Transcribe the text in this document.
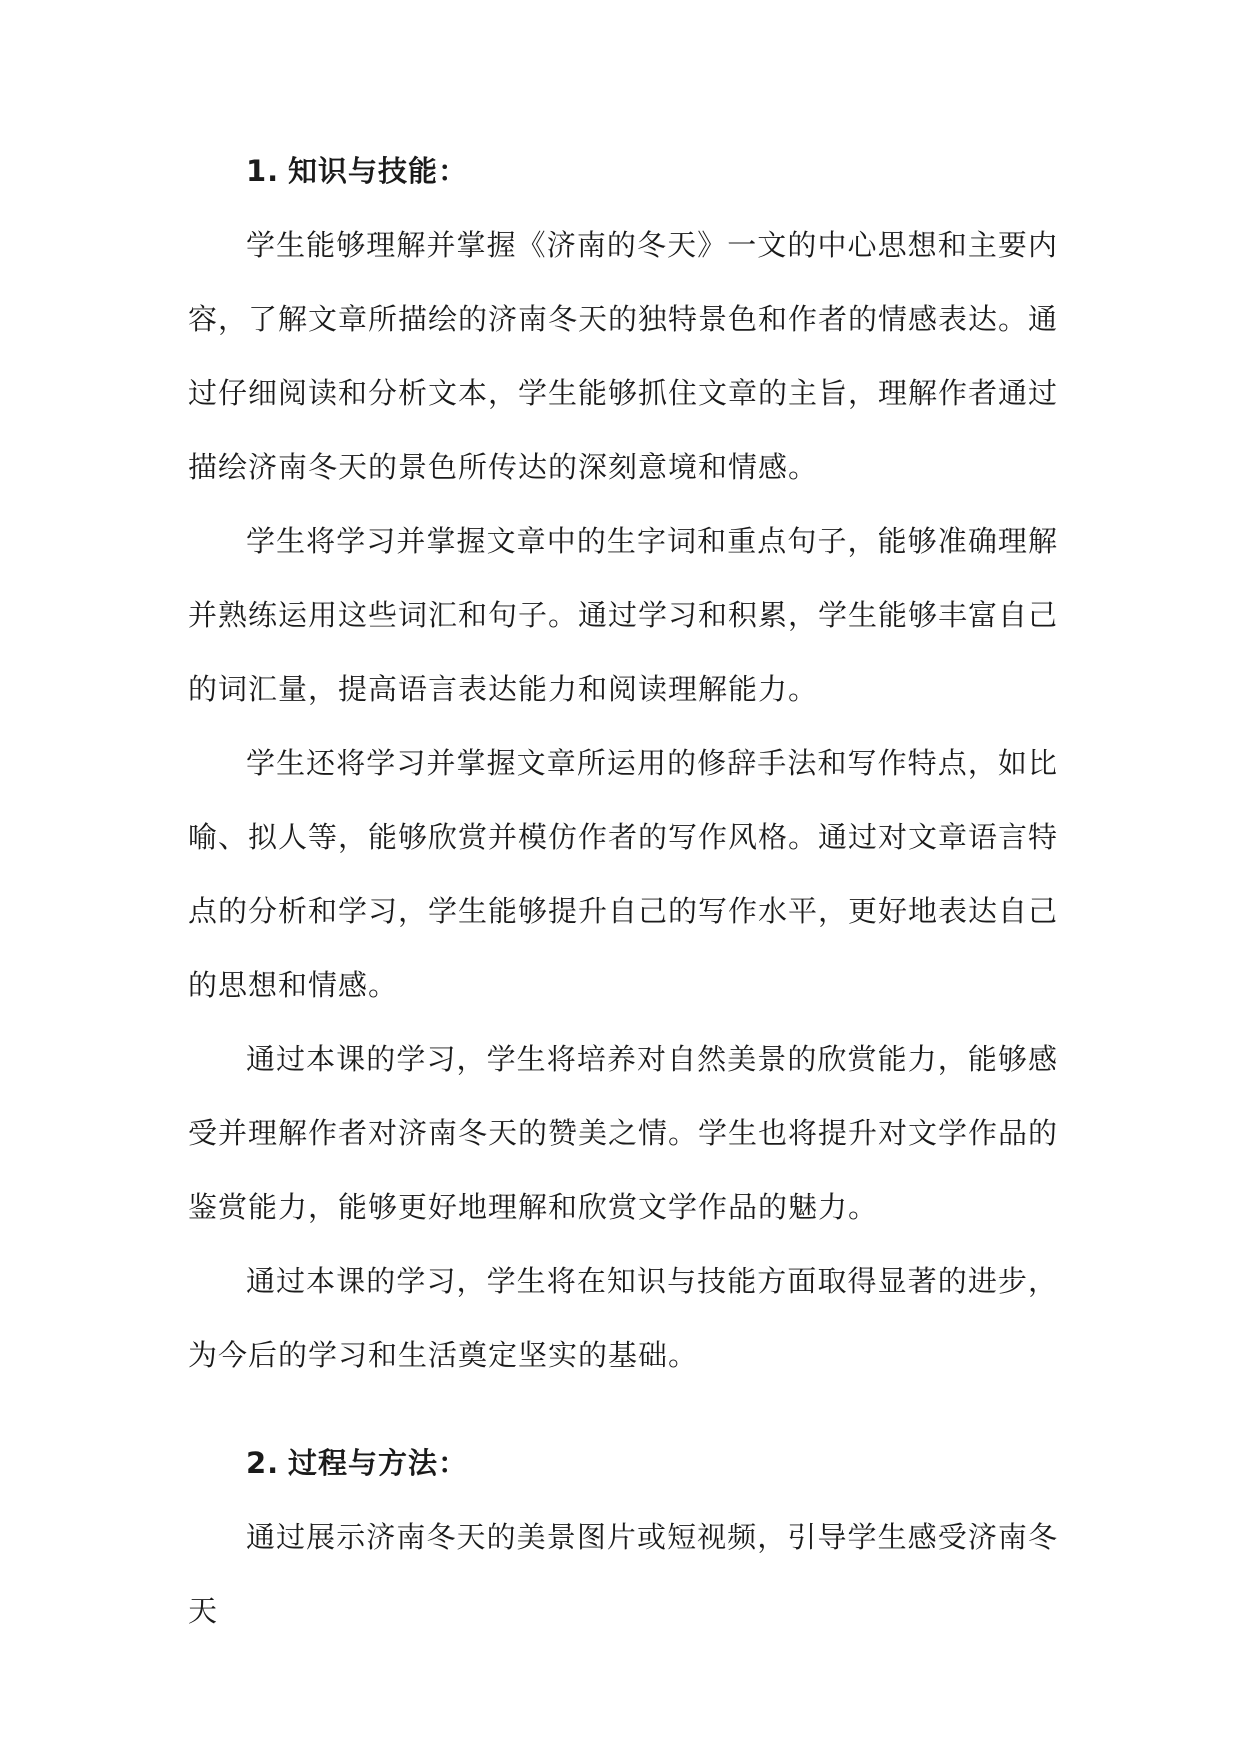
1. 知识与技能：

学生能够理解并掌握《济南的冬天》一文的中心思想和主要内容，了解文章所描绘的济南冬天的独特景色和作者的情感表达。通过仔细阅读和分析文本，学生能够抓住文章的主旨，理解作者通过描绘济南冬天的景色所传达的深刻意境和情感。

学生将学习并掌握文章中的生字词和重点句子，能够准确理解并熟练运用这些词汇和句子。通过学习和积累，学生能够丰富自己的词汇量，提高语言表达能力和阅读理解能力。

学生还将学习并掌握文章所运用的修辞手法和写作特点，如比喻、拟人等，能够欣赏并模仿作者的写作风格。通过对文章语言特点的分析和学习，学生能够提升自己的写作水平，更好地表达自己的思想和情感。

通过本课的学习，学生将培养对自然美景的欣赏能力，能够感受并理解作者对济南冬天的赞美之情。学生也将提升对文学作品的鉴赏能力，能够更好地理解和欣赏文学作品的魅力。

通过本课的学习，学生将在知识与技能方面取得显著的进步，为今后的学习和生活奠定坚实的基础。

2. 过程与方法：

通过展示济南冬天的美景图片或短视频，引导学生感受济南冬天
